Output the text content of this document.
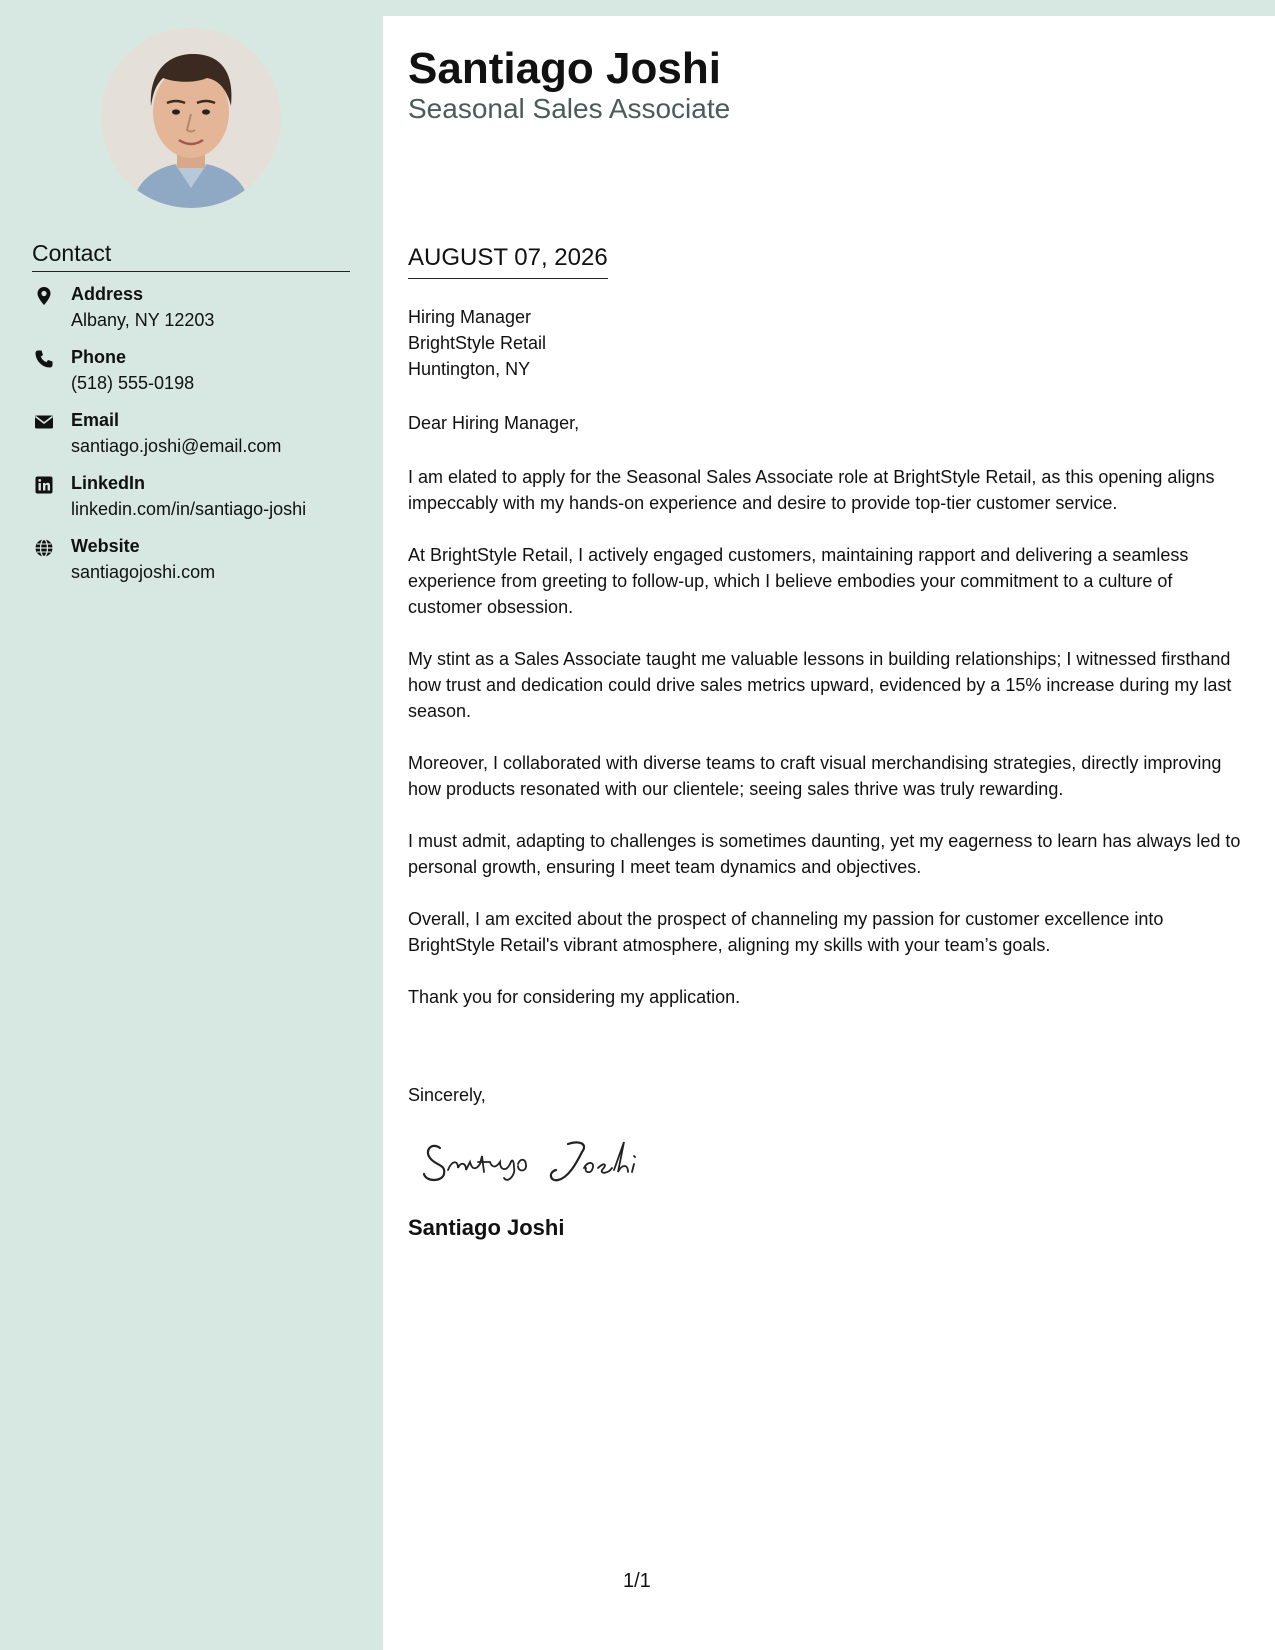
Contact
Address
Albany, NY 12203
Phone
(518) 555-0198
Email
santiago.joshi@email.com
LinkedIn
linkedin.com/in/santiago-joshi
Website
santiagojoshi.com
Santiago Joshi
Seasonal Sales Associate
AUGUST 07, 2026
Hiring Manager
BrightStyle Retail
Huntington, NY
Dear Hiring Manager,

I am elated to apply for the Seasonal Sales Associate role at BrightStyle Retail, as this opening aligns impeccably with my hands-on experience and desire to provide top-tier customer service.

At BrightStyle Retail, I actively engaged customers, maintaining rapport and delivering a seamless experience from greeting to follow-up, which I believe embodies your commitment to a culture of customer obsession.

My stint as a Sales Associate taught me valuable lessons in building relationships; I witnessed firsthand how trust and dedication could drive sales metrics upward, evidenced by a 15% increase during my last season.

Moreover, I collaborated with diverse teams to craft visual merchandising strategies, directly improving how products resonated with our clientele; seeing sales thrive was truly rewarding.

I must admit, adapting to challenges is sometimes daunting, yet my eagerness to learn has always led to personal growth, ensuring I meet team dynamics and objectives.

Overall, I am excited about the prospect of channeling my passion for customer excellence into BrightStyle Retail's vibrant atmosphere, aligning my skills with your team’s goals.

Thank you for considering my application.

Sincerely,
Santiago Joshi
1/1
